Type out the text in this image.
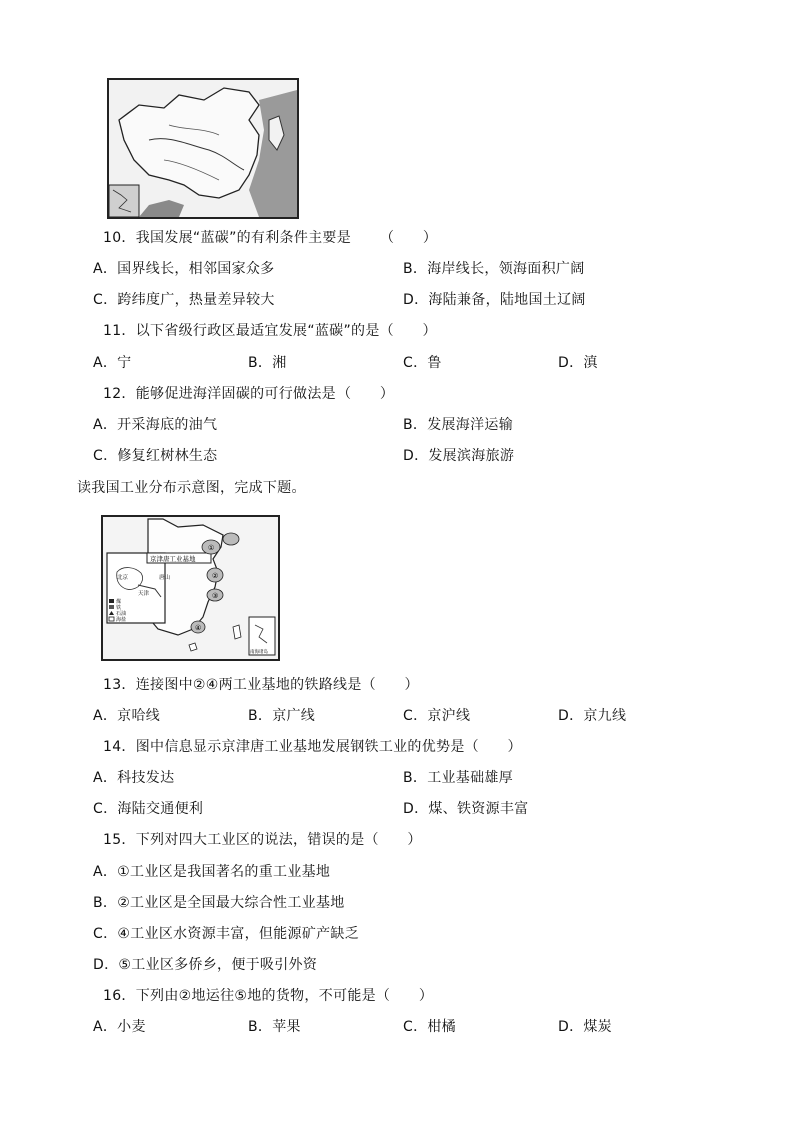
10．我国发展“蓝碳”的有利条件主要是 （　　）
A．国界线长，相邻国家众多	B．海岸线长，领海面积广阔
C．跨纬度广，热量差异较大	D．海陆兼备，陆地国土辽阔
11．以下省级行政区最适宜发展“蓝碳”的是（　　）
A．宁	B．湘	C．鲁	D．滇
12．能够促进海洋固碳的可行做法是 （　　）
A．开采海底的油气	B．发展海洋运输
C．修复红树林生态	D．发展滨海旅游
读我国工业分布示意图，完成下题。
京津唐工业基地
北京
天津
唐山
煤
铁
石油
海盐
①
②
③
④
南海诸岛
13．连接图中②④两工业基地的铁路线是（　　）
A．京哈线	B．京广线	C．京沪线	D．京九线
14．图中信息显示京津唐工业基地发展钢铁工业的优势是（　　）
A．科技发达	B．工业基础雄厚
C．海陆交通便利	D．煤、铁资源丰富
15．下列对四大工业区的说法，错误的是（　　）
A．①工业区是我国著名的重工业基地
B．②工业区是全国最大综合性工业基地
C．④工业区水资源丰富，但能源矿产缺乏
D．⑤工业区多侨乡，便于吸引外资
16．下列由②地运往⑤地的货物，不可能是（　　）
A．小麦	B．苹果	C．柑橘	D．煤炭
